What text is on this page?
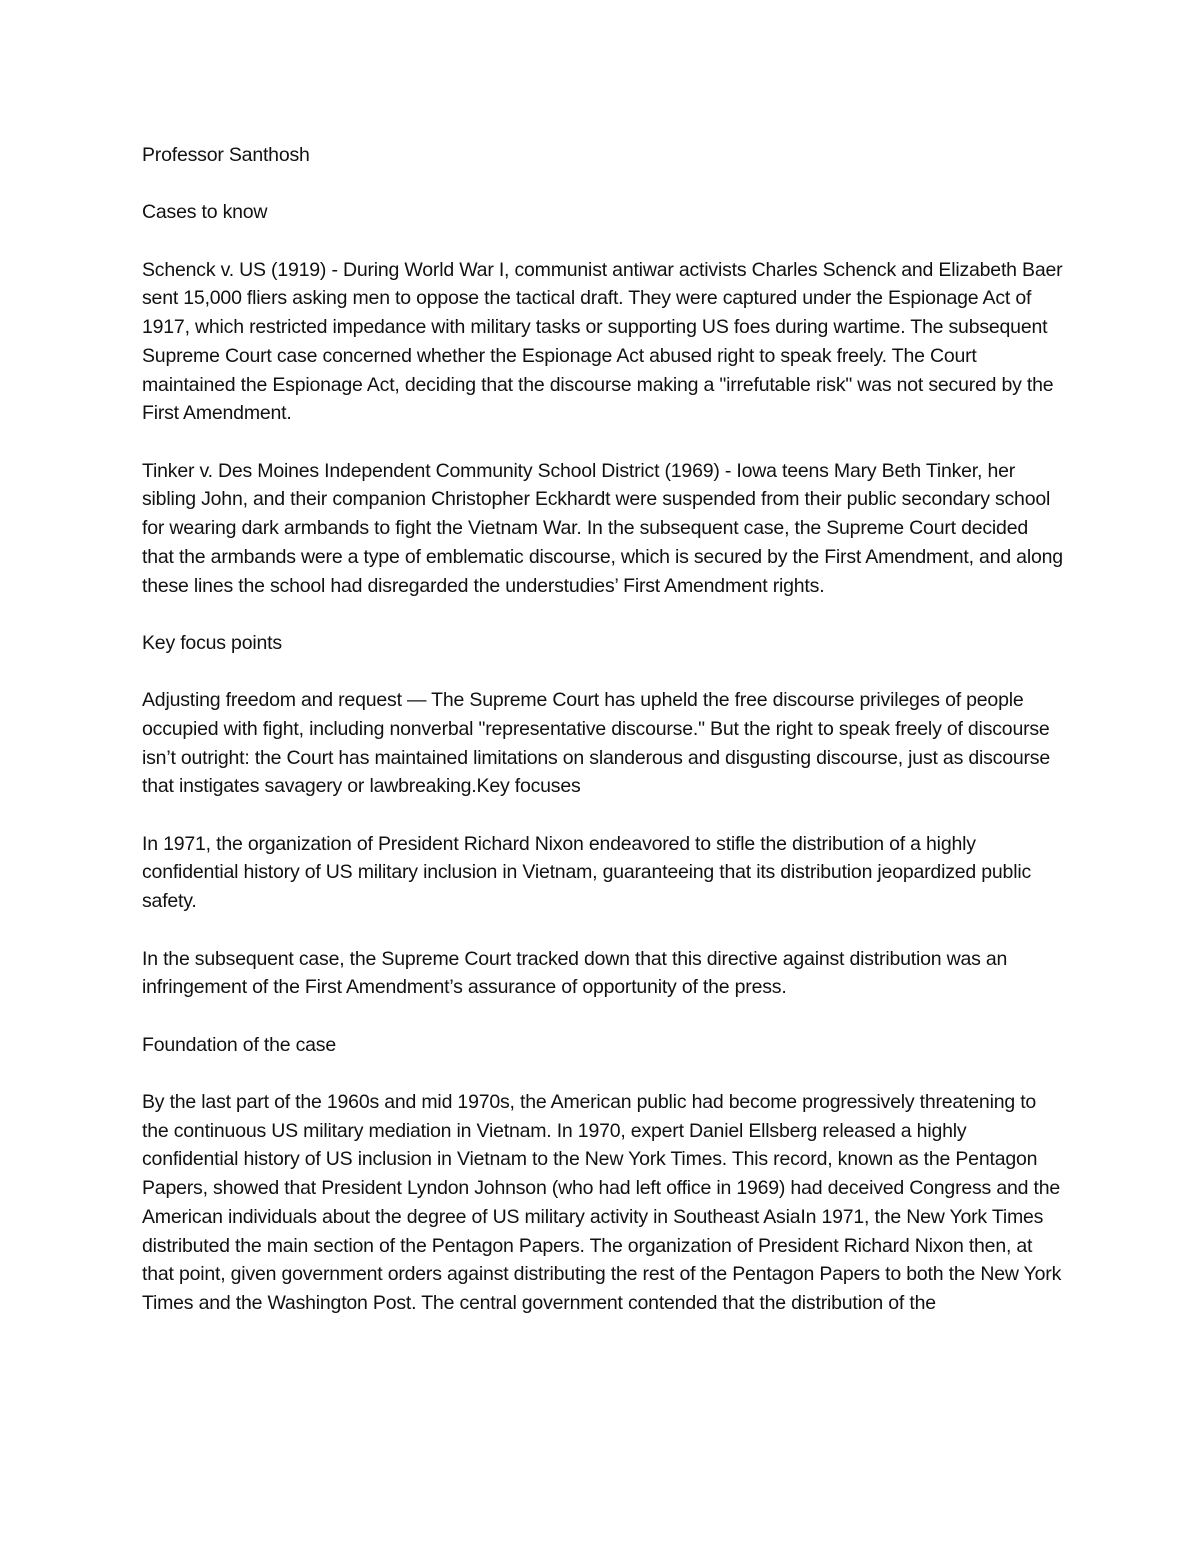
Professor Santhosh

Cases to know

Schenck v. US (1919) - During World War I, communist antiwar activists Charles Schenck and Elizabeth Baer sent 15,000 fliers asking men to oppose the tactical draft. They were captured under the Espionage Act of 1917, which restricted impedance with military tasks or supporting US foes during wartime. The subsequent Supreme Court case concerned whether the Espionage Act abused right to speak freely. The Court maintained the Espionage Act, deciding that the discourse making a "irrefutable risk" was not secured by the First Amendment.

Tinker v. Des Moines Independent Community School District (1969) - Iowa teens Mary Beth Tinker, her sibling John, and their companion Christopher Eckhardt were suspended from their public secondary school for wearing dark armbands to fight the Vietnam War. In the subsequent case, the Supreme Court decided that the armbands were a type of emblematic discourse, which is secured by the First Amendment, and along these lines the school had disregarded the understudies’ First Amendment rights.

Key focus points

Adjusting freedom and request — The Supreme Court has upheld the free discourse privileges of people occupied with fight, including nonverbal "representative discourse." But the right to speak freely of discourse isn’t outright: the Court has maintained limitations on slanderous and disgusting discourse, just as discourse that instigates savagery or lawbreaking.Key focuses

In 1971, the organization of President Richard Nixon endeavored to stifle the distribution of a highly confidential history of US military inclusion in Vietnam, guaranteeing that its distribution jeopardized public safety.

In the subsequent case, the Supreme Court tracked down that this directive against distribution was an infringement of the First Amendment’s assurance of opportunity of the press.

Foundation of the case

By the last part of the 1960s and mid 1970s, the American public had become progressively threatening to the continuous US military mediation in Vietnam. In 1970, expert Daniel Ellsberg released a highly confidential history of US inclusion in Vietnam to the New York Times. This record, known as the Pentagon Papers, showed that President Lyndon Johnson (who had left office in 1969) had deceived Congress and the American individuals about the degree of US military activity in Southeast AsiaIn 1971, the New York Times distributed the main section of the Pentagon Papers. The organization of President Richard Nixon then, at that point, given government orders against distributing the rest of the Pentagon Papers to both the New York Times and the Washington Post. The central government contended that the distribution of the
